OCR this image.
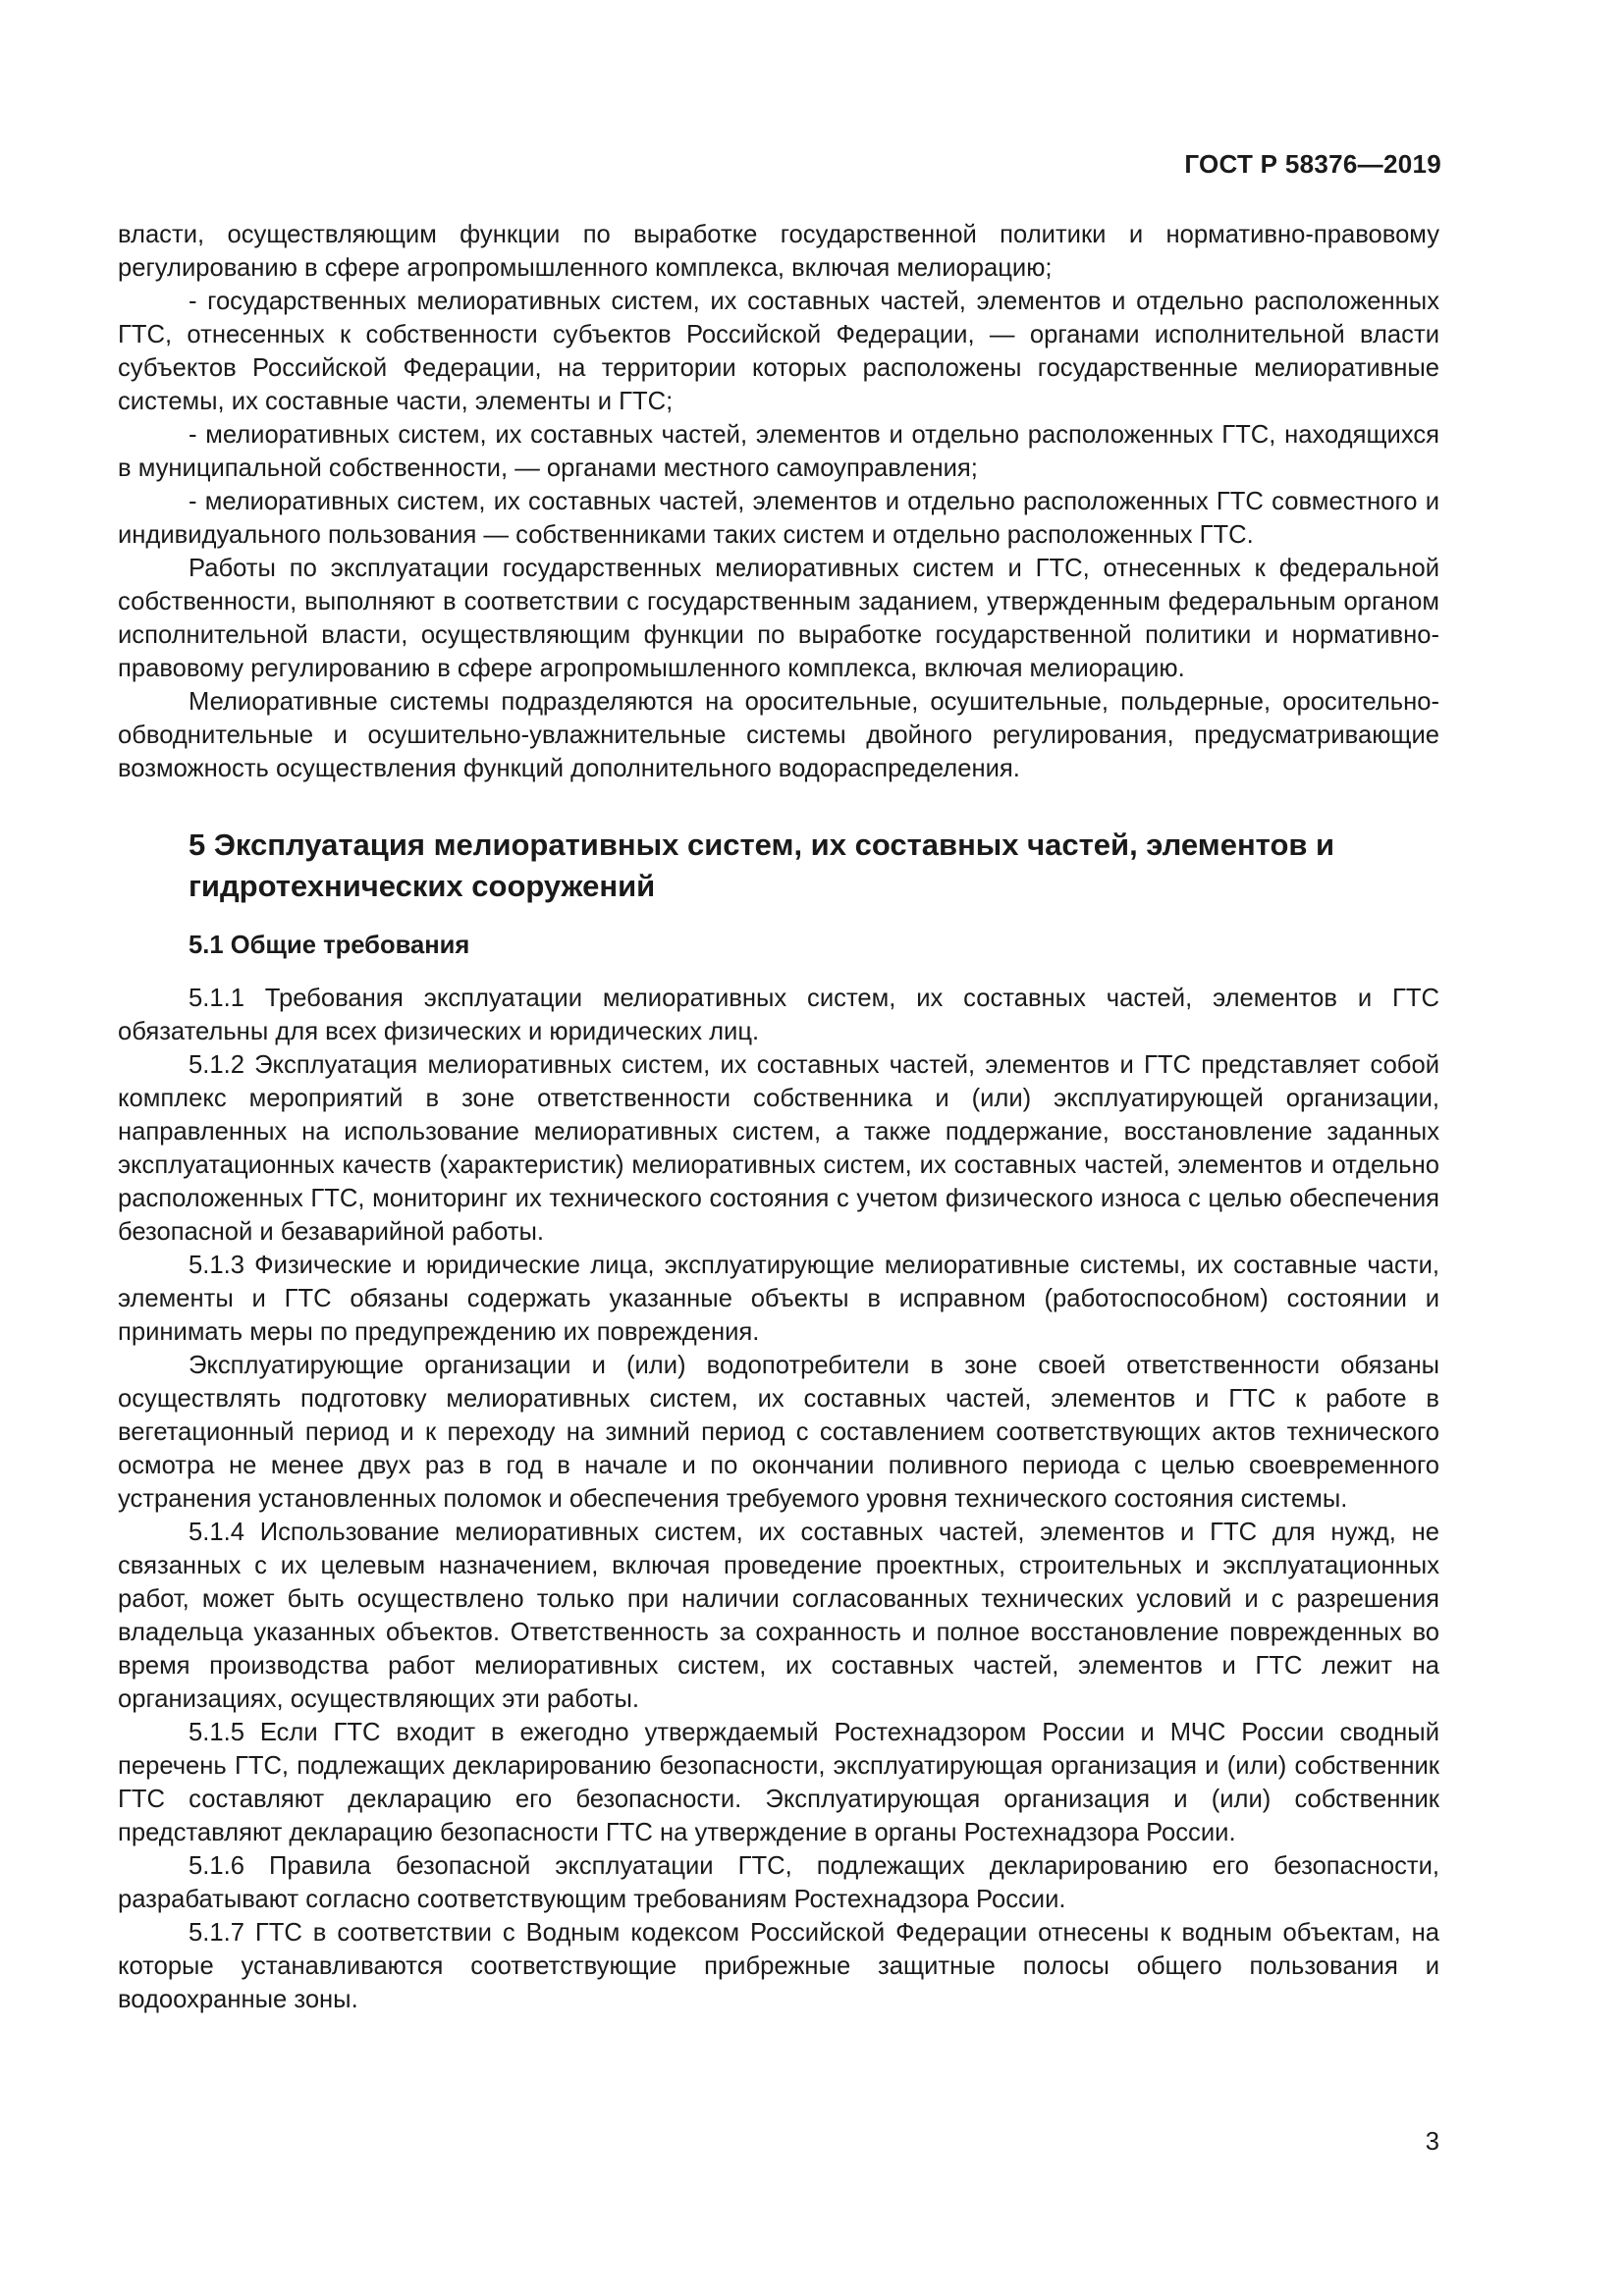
ГОСТ Р 58376—2019

власти, осуществляющим функции по выработке государственной политики и нормативно-правовому регулированию в сфере агропромышленного комплекса, включая мелиорацию;

- государственных мелиоративных систем, их составных частей, элементов и отдельно расположенных ГТС, отнесенных к собственности субъектов Российской Федерации, — органами исполнительной власти субъектов Российской Федерации, на территории которых расположены государственные мелиоративные системы, их составные части, элементы и ГТС;

- мелиоративных систем, их составных частей, элементов и отдельно расположенных ГТС, находящихся в муниципальной собственности, — органами местного самоуправления;

- мелиоративных систем, их составных частей, элементов и отдельно расположенных ГТС совместного и индивидуального пользования — собственниками таких систем и отдельно расположенных ГТС.

Работы по эксплуатации государственных мелиоративных систем и ГТС, отнесенных к федеральной собственности, выполняют в соответствии с государственным заданием, утвержденным федеральным органом исполнительной власти, осуществляющим функции по выработке государственной политики и нормативно-правовому регулированию в сфере агропромышленного комплекса, включая мелиорацию.

Мелиоративные системы подразделяются на оросительные, осушительные, польдерные, оросительно-обводнительные и осушительно-увлажнительные системы двойного регулирования, предусматривающие возможность осуществления функций дополнительного водораспределения.

5 Эксплуатация мелиоративных систем, их составных частей, элементов и гидротехнических сооружений

5.1 Общие требования

5.1.1 Требования эксплуатации мелиоративных систем, их составных частей, элементов и ГТС обязательны для всех физических и юридических лиц.

5.1.2 Эксплуатация мелиоративных систем, их составных частей, элементов и ГТС представляет собой комплекс мероприятий в зоне ответственности собственника и (или) эксплуатирующей организации, направленных на использование мелиоративных систем, а также поддержание, восстановление заданных эксплуатационных качеств (характеристик) мелиоративных систем, их составных частей, элементов и отдельно расположенных ГТС, мониторинг их технического состояния с учетом физического износа с целью обеспечения безопасной и безаварийной работы.

5.1.3 Физические и юридические лица, эксплуатирующие мелиоративные системы, их составные части, элементы и ГТС обязаны содержать указанные объекты в исправном (работоспособном) состоянии и принимать меры по предупреждению их повреждения.

Эксплуатирующие организации и (или) водопотребители в зоне своей ответственности обязаны осуществлять подготовку мелиоративных систем, их составных частей, элементов и ГТС к работе в вегетационный период и к переходу на зимний период с составлением соответствующих актов технического осмотра не менее двух раз в год в начале и по окончании поливного периода с целью своевременного устранения установленных поломок и обеспечения требуемого уровня технического состояния системы.

5.1.4 Использование мелиоративных систем, их составных частей, элементов и ГТС для нужд, не связанных с их целевым назначением, включая проведение проектных, строительных и эксплуатационных работ, может быть осуществлено только при наличии согласованных технических условий и с разрешения владельца указанных объектов. Ответственность за сохранность и полное восстановление поврежденных во время производства работ мелиоративных систем, их составных частей, элементов и ГТС лежит на организациях, осуществляющих эти работы.

5.1.5 Если ГТС входит в ежегодно утверждаемый Ростехнадзором России и МЧС России сводный перечень ГТС, подлежащих декларированию безопасности, эксплуатирующая организация и (или) собственник ГТС составляют декларацию его безопасности. Эксплуатирующая организация и (или) собственник представляют декларацию безопасности ГТС на утверждение в органы Ростехнадзора России.

5.1.6 Правила безопасной эксплуатации ГТС, подлежащих декларированию его безопасности, разрабатывают согласно соответствующим требованиям Ростехнадзора России.

5.1.7 ГТС в соответствии с Водным кодексом Российской Федерации отнесены к водным объектам, на которые устанавливаются соответствующие прибрежные защитные полосы общего пользования и водоохранные зоны.

3
